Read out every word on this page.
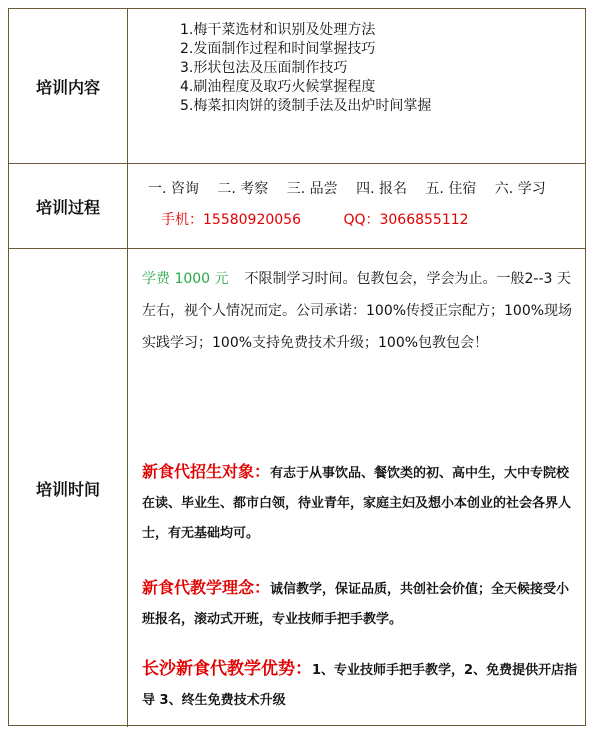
培训内容
1.梅干菜选材和识别及处理方法
2.发面制作过程和时间掌握技巧
3.形状包法及压面制作技巧
4.刷油程度及取巧火候掌握程度
5.梅菜扣肉饼的烫制手法及出炉时间掌握
培训过程
一. 咨询 二. 考察 三. 品尝 四. 报名 五. 住宿 六. 学习
手机：15580920056	QQ：3066855112
培训时间
学费 1000 元 不限制学习时间。包教包会，学会为止。一般2--3 天左右，视个人情况而定。公司承诺：100%传授正宗配方；100%现场实践学习；100%支持免费技术升级；100%包教包会！
新食代招生对象：有志于从事饮品、餐饮类的初、高中生，大中专院校在读、毕业生、都市白领，待业青年，家庭主妇及想小本创业的社会各界人士，有无基础均可。
新食代教学理念：诚信教学，保证品质，共创社会价值；全天候接受小班报名，滚动式开班，专业技师手把手教学。
长沙新食代教学优势：1、专业技师手把手教学，2、免费提供开店指导 3、终生免费技术升级
